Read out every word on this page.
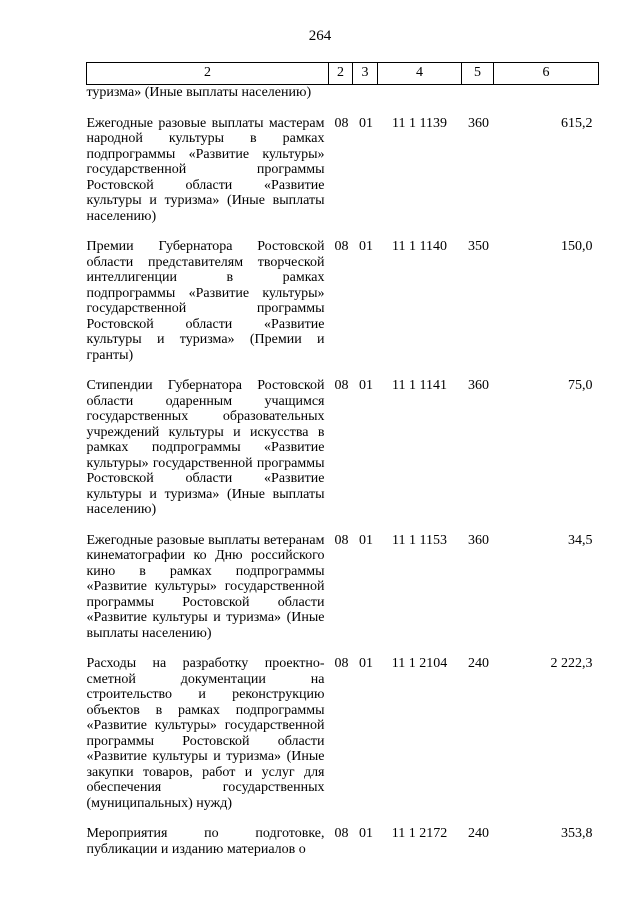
264
2	2	3	4	5	6
туризма» (Иные выплаты населению)					

Ежегодные разовые выплаты мастерам народной культуры в рамках подпрограммы «Развитие культуры» государственной программы Ростовской области «Развитие культуры и туризма» (Иные выплаты населению)	08	01	11 1 1139	360	615,2

Премии Губернатора Ростовской области представителям творческой интеллигенции в рамках подпрограммы «Развитие культуры» государственной программы Ростовской области «Развитие культуры и туризма» (Премии и гранты)	08	01	11 1 1140	350	150,0

Стипендии Губернатора Ростовской области одаренным учащимся государственных образовательных учреждений культуры и искусства в рамках подпрограммы «Развитие культуры» государственной программы Ростовской области «Развитие культуры и туризма» (Иные выплаты населению)	08	01	11 1 1141	360	75,0

Ежегодные разовые выплаты ветеранам кинематографии ко Дню российского кино в рамках подпрограммы «Развитие культуры» государственной программы Ростовской области «Развитие культуры и туризма» (Иные выплаты населению)	08	01	11 1 1153	360	34,5

Расходы на разработку проектно-сметной документации на строительство и реконструкцию объектов в рамках подпрограммы «Развитие культуры» государственной программы Ростовской области «Развитие культуры и туризма» (Иные закупки товаров, работ и услуг для обеспечения государственных (муниципальных) нужд)	08	01	11 1 2104	240	2 222,3

Мероприятия по подготовке, публикации и изданию материалов о	08	01	11 1 2172	240	353,8
